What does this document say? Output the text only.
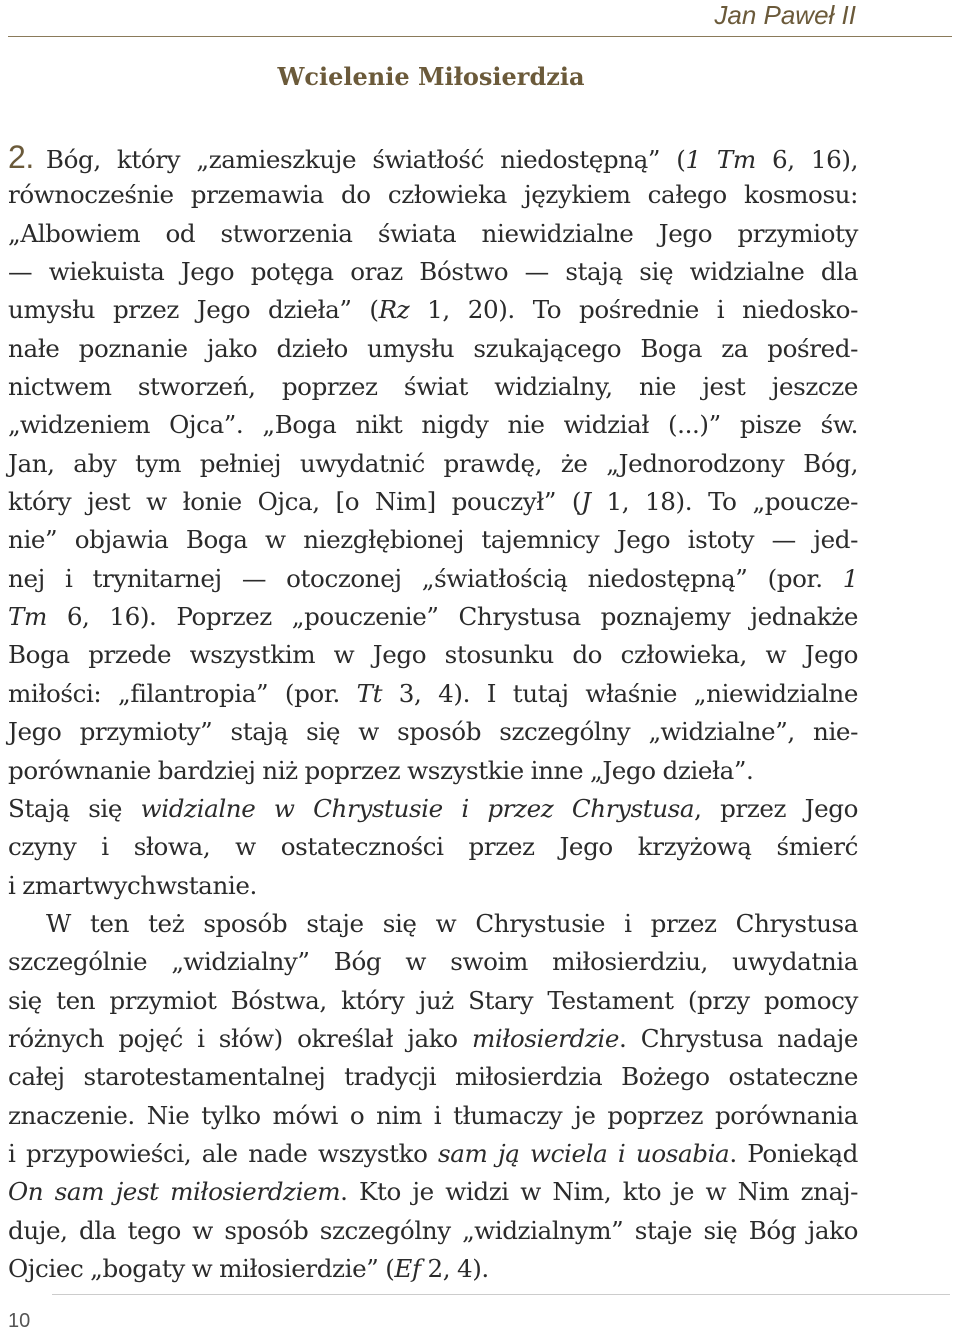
Jan Paweł II
Wcielenie Miłosierdzia
2. Bóg, który „zamieszkuje światłość niedostępną” (1 Tm 6, 16),
równocześnie przemawia do człowieka językiem całego kosmosu:
„Albowiem od stworzenia świata niewidzialne Jego przymioty
— wiekuista Jego potęga oraz Bóstwo — stają się widzialne dla
umysłu przez Jego dzieła” (Rz 1, 20). To pośrednie i niedosko-
nałe poznanie jako dzieło umysłu szukającego Boga za pośred-
nictwem stworzeń, poprzez świat widzialny, nie jest jeszcze
„widzeniem Ojca”. „Boga nikt nigdy nie widział (...)” pisze św.
Jan, aby tym pełniej uwydatnić prawdę, że „Jednorodzony Bóg,
który jest w łonie Ojca, [o Nim] pouczył” (J 1, 18). To „poucze-
nie” objawia Boga w niezgłębionej tajemnicy Jego istoty — jed-
nej i trynitarnej — otoczonej „światłością niedostępną” (por. 1
Tm 6, 16). Poprzez „pouczenie” Chrystusa poznajemy jednakże
Boga przede wszystkim w Jego stosunku do człowieka, w Jego
miłości: „filantropia” (por. Tt 3, 4). I tutaj właśnie „niewidzialne
Jego przymioty” stają się w sposób szczególny „widzialne”, nie-
porównanie bardziej niż poprzez wszystkie inne „Jego dzieła”.
Stają się widzialne w Chrystusie i przez Chrystusa, przez Jego
czyny i słowa, w ostateczności przez Jego krzyżową śmierć
i zmartwychwstanie.
W ten też sposób staje się w Chrystusie i przez Chrystusa
szczególnie „widzialny” Bóg w swoim miłosierdziu, uwydatnia
się ten przymiot Bóstwa, który już Stary Testament (przy pomocy
różnych pojęć i słów) określał jako miłosierdzie. Chrystusa nadaje
całej starotestamentalnej tradycji miłosierdzia Bożego ostateczne
znaczenie. Nie tylko mówi o nim i tłumaczy je poprzez porównania
i przypowieści, ale nade wszystko sam ją wciela i uosabia. Poniekąd
On sam jest miłosierdziem. Kto je widzi w Nim, kto je w Nim znaj-
duje, dla tego w sposób szczególny „widzialnym” staje się Bóg jako
Ojciec „bogaty w miłosierdzie” (Ef 2, 4).
10
